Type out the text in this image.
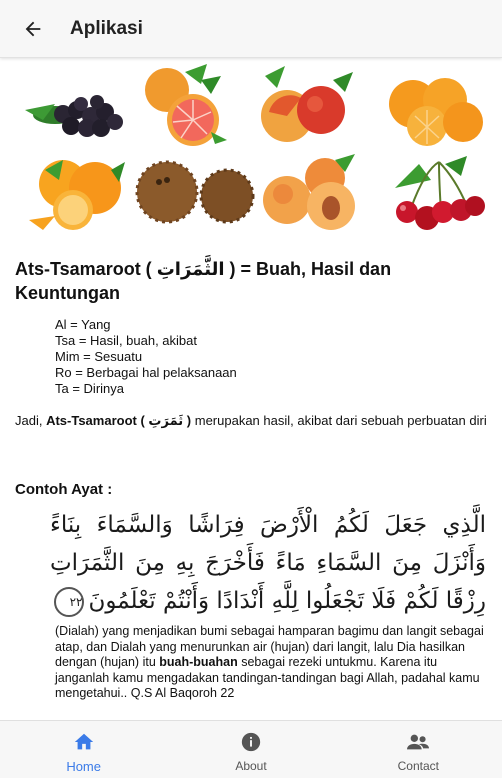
Aplikasi
Ats-Tsamaroot ( الثَّمَرَاتِ ) = Buah, Hasil dan Keuntungan
Al = Yang
Tsa = Hasil, buah, akibat
Mim = Sesuatu
Ro = Berbagai hal pelaksanaan
Ta = Dirinya
Jadi, Ats-Tsamaroot ( ثَمَرَتِ ) merupakan hasil, akibat dari sebuah perbuatan diri
Contoh Ayat :
الَّذِي جَعَلَ لَكُمُ الْأَرْضَ فِرَاشًا وَالسَّمَاءَ بِنَاءً وَأَنْزَلَ مِنَ السَّمَاءِ مَاءً فَأَخْرَجَ بِهِ مِنَ الثَّمَرَاتِ رِزْقًا لَكُمْ فَلَا تَجْعَلُوا لِلَّهِ أَنْدَادًا وَأَنْتُمْ تَعْلَمُونَ٢٢
(Dialah) yang menjadikan bumi sebagai hamparan bagimu dan langit sebagai atap, dan Dialah yang menurunkan air (hujan) dari langit, lalu Dia hasilkan dengan (hujan) itu buah-buahan sebagai rezeki untukmu. Karena itu janganlah kamu mengadakan tandingan-tandingan bagi Allah, padahal kamu mengetahui.. Q.S Al Baqoroh 22
Home	About	Contact
